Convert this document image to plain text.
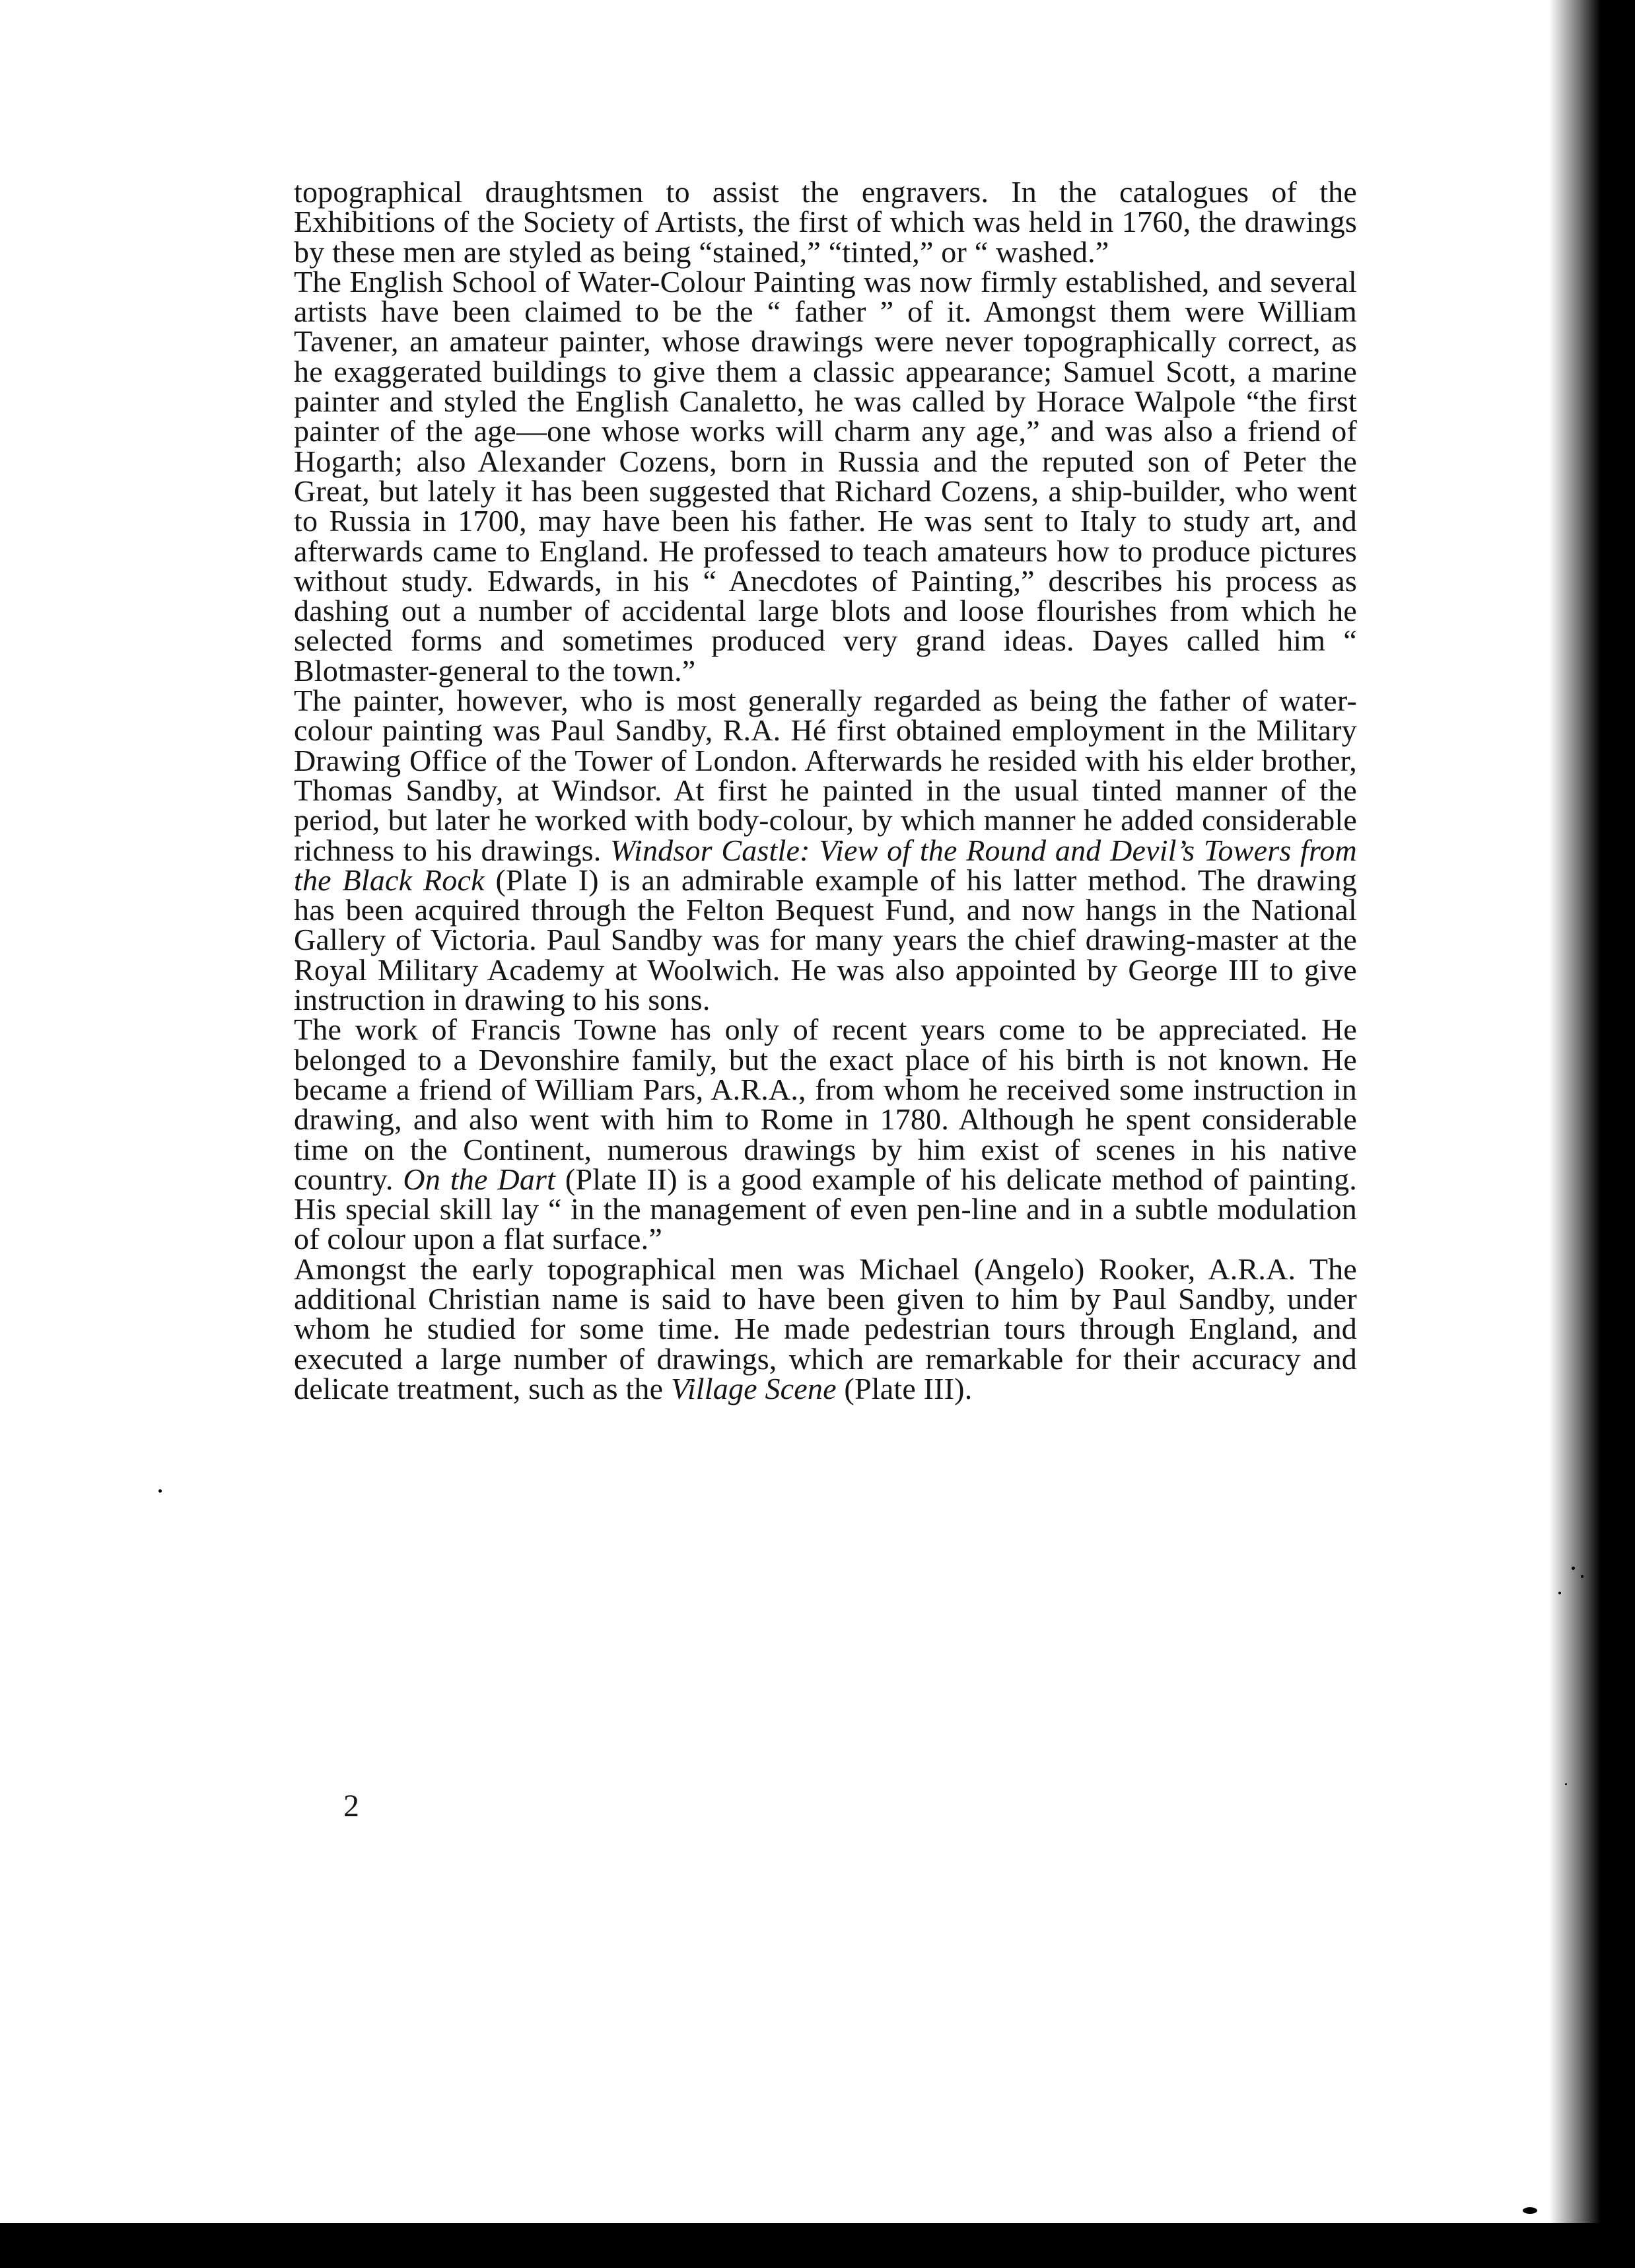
topographical draughtsmen to assist the engravers. In the catalogues of the Exhibitions of the Society of Artists, the first of which was held in 1760, the drawings by these men are styled as being “stained,” “tinted,” or “ washed.”

The English School of Water-Colour Painting was now firmly established, and several artists have been claimed to be the “ father ” of it. Amongst them were William Tavener, an amateur painter, whose drawings were never topographically correct, as he exaggerated buildings to give them a classic appearance; Samuel Scott, a marine painter and styled the English Canaletto, he was called by Horace Walpole “the first painter of the age—one whose works will charm any age,” and was also a friend of Hogarth; also Alexander Cozens, born in Russia and the reputed son of Peter the Great, but lately it has been suggested that Richard Cozens, a ship-builder, who went to Russia in 1700, may have been his father. He was sent to Italy to study art, and afterwards came to England. He professed to teach amateurs how to produce pictures without study. Edwards, in his “ Anecdotes of Painting,” describes his process as dashing out a number of accidental large blots and loose flourishes from which he selected forms and sometimes produced very grand ideas. Dayes called him “ Blotmaster-general to the town.”

The painter, however, who is most generally regarded as being the father of water-colour painting was Paul Sandby, R.A. Hé first obtained employment in the Military Drawing Office of the Tower of London. Afterwards he resided with his elder brother, Thomas Sandby, at Windsor. At first he painted in the usual tinted manner of the period, but later he worked with body-colour, by which manner he added considerable richness to his drawings. Windsor Castle: View of the Round and Devil’s Towers from the Black Rock (Plate I) is an admirable example of his latter method. The drawing has been acquired through the Felton Bequest Fund, and now hangs in the National Gallery of Victoria. Paul Sandby was for many years the chief drawing-master at the Royal Military Academy at Woolwich. He was also appointed by George III to give instruction in drawing to his sons.

The work of Francis Towne has only of recent years come to be appreciated. He belonged to a Devonshire family, but the exact place of his birth is not known. He became a friend of William Pars, A.R.A., from whom he received some instruction in drawing, and also went with him to Rome in 1780. Although he spent considerable time on the Continent, numerous drawings by him exist of scenes in his native country. On the Dart (Plate II) is a good example of his delicate method of painting. His special skill lay “ in the management of even pen-line and in a subtle modulation of colour upon a flat surface.”

Amongst the early topographical men was Michael (Angelo) Rooker, A.R.A. The additional Christian name is said to have been given to him by Paul Sandby, under whom he studied for some time. He made pedestrian tours through England, and executed a large number of drawings, which are remarkable for their accuracy and delicate treatment, such as the Village Scene (Plate III).

2
